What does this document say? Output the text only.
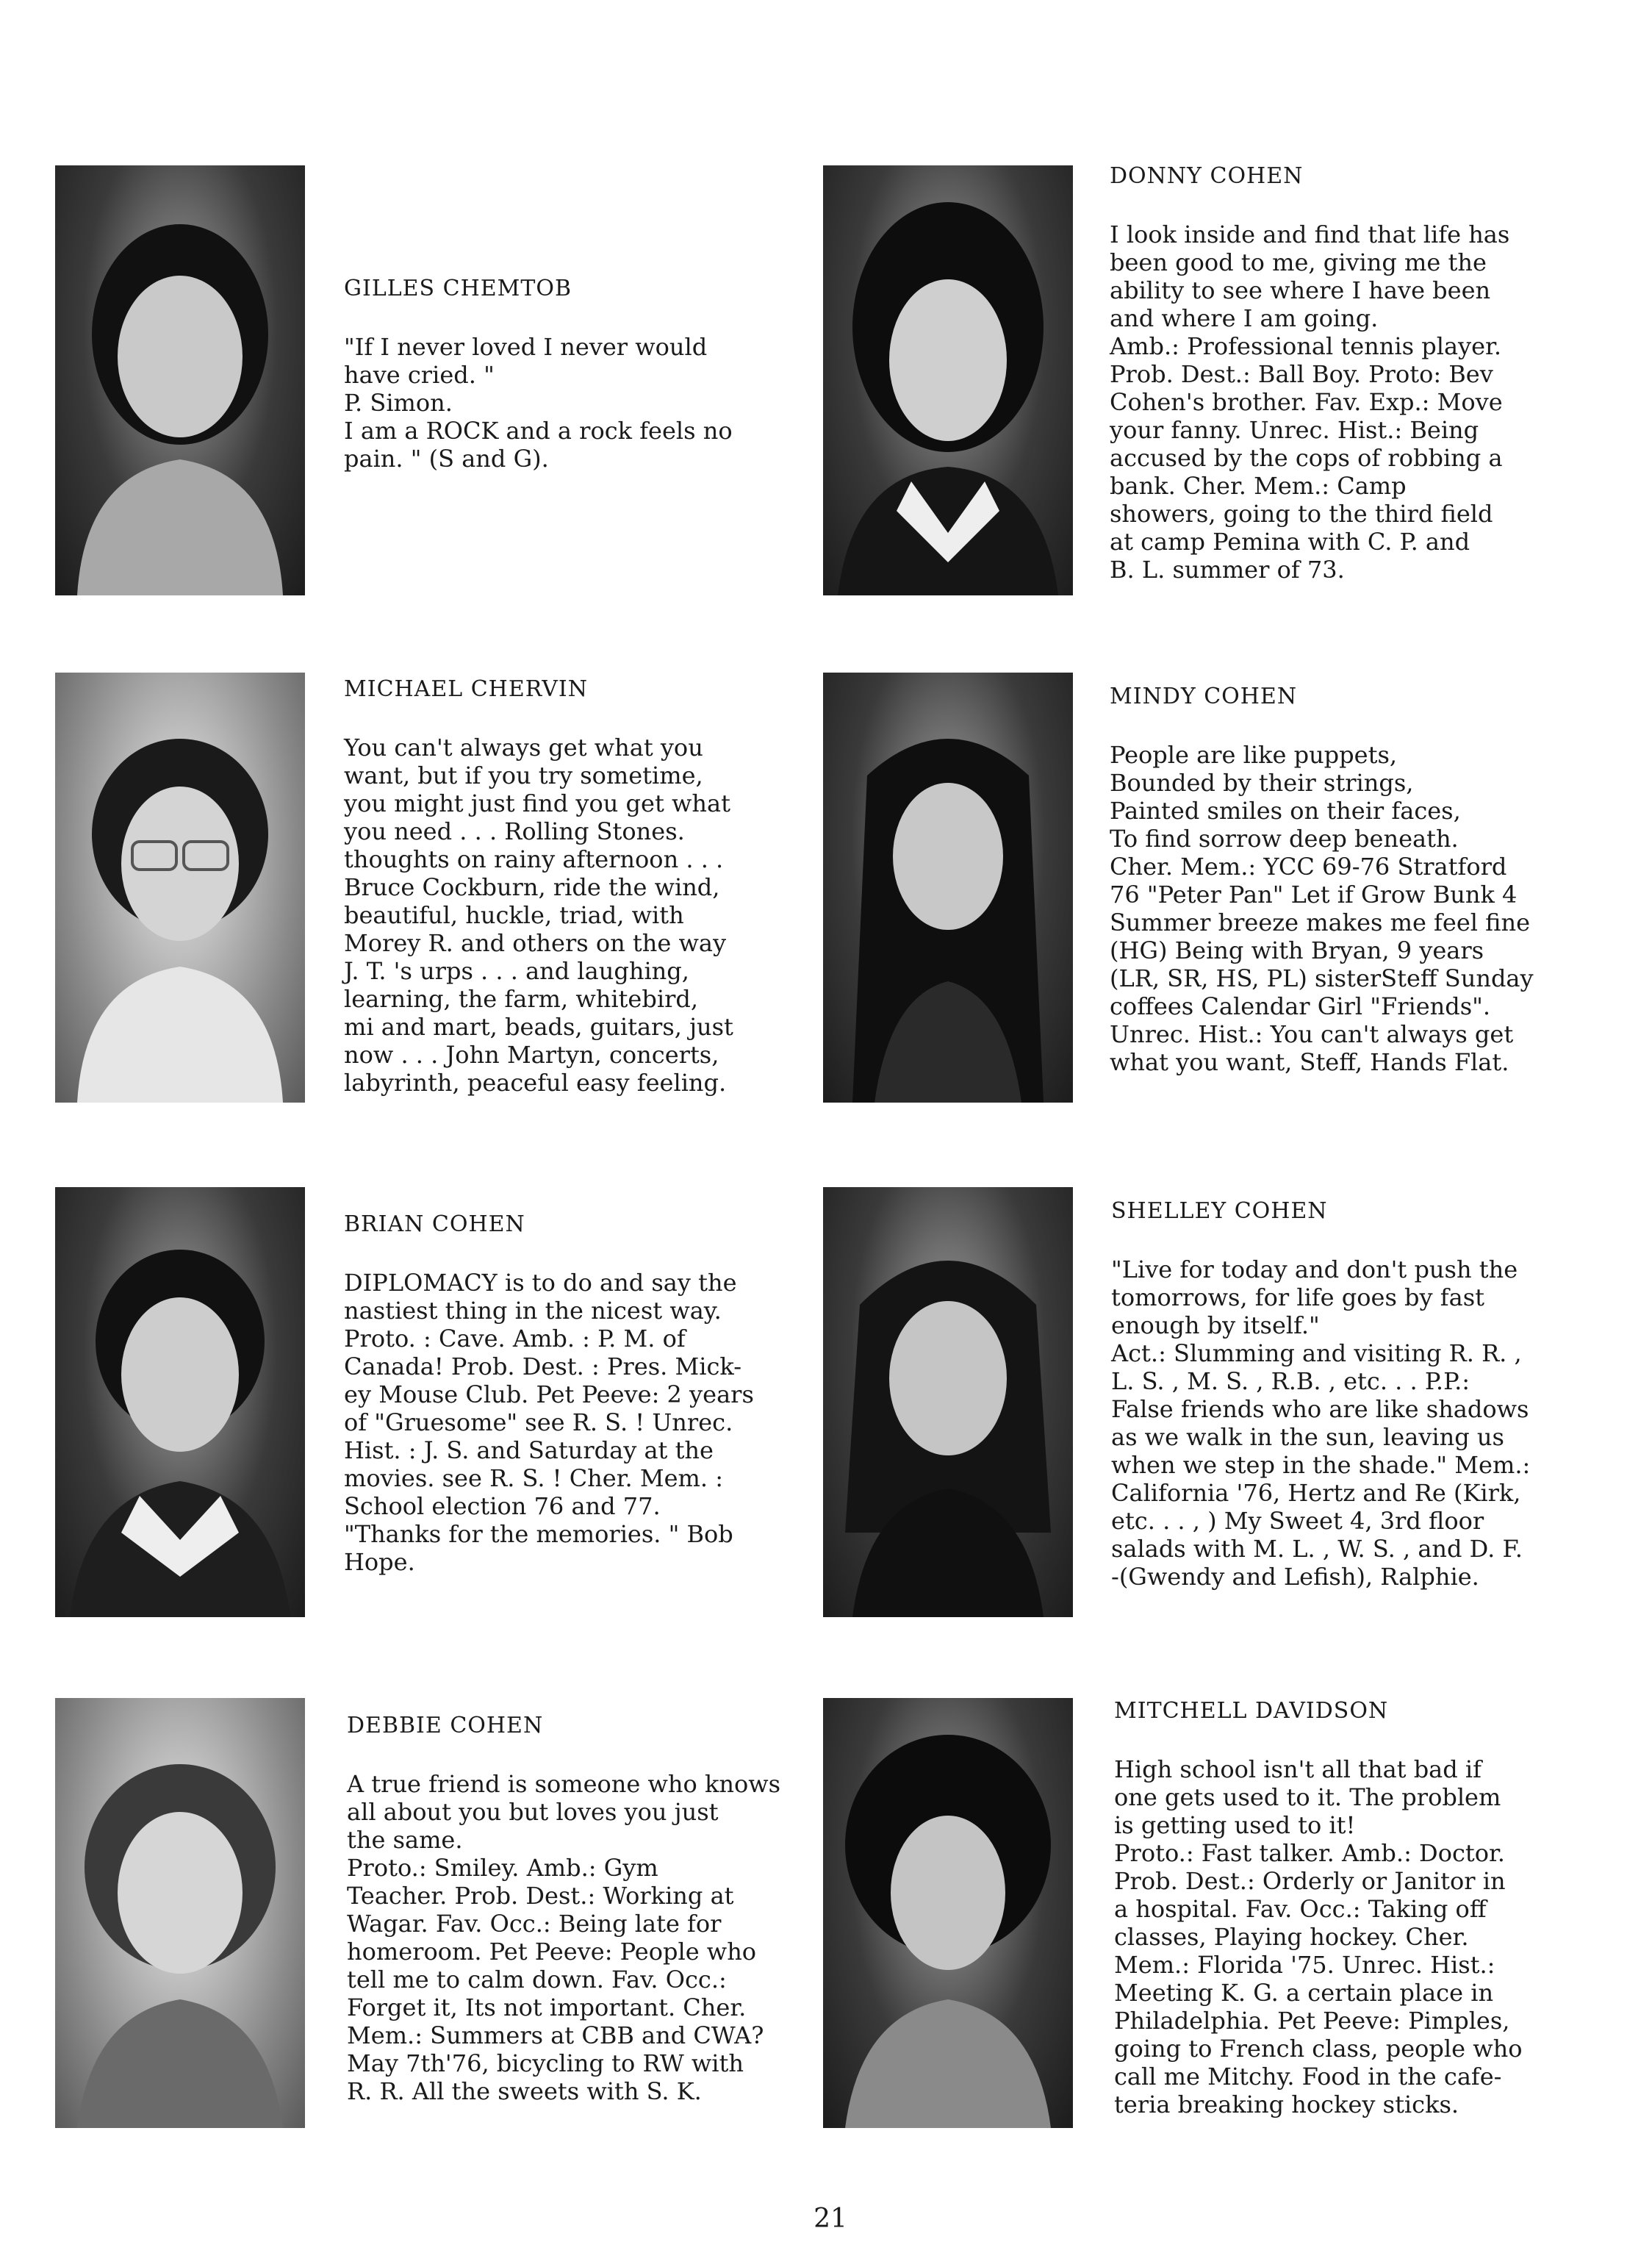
GILLES CHEMTOB

"If I never loved I never would
have cried. "
P. Simon.
I am a ROCK and a rock feels no
pain. " (S and G).

DONNY COHEN

I look inside and find that life has
been good to me, giving me the
ability to see where I have been
and where I am going.
Amb.: Professional tennis player.
Prob. Dest.: Ball Boy. Proto: Bev
Cohen's brother. Fav. Exp.: Move
your fanny. Unrec. Hist.: Being
accused by the cops of robbing a
bank. Cher. Mem.: Camp
showers, going to the third field
at camp Pemina with C. P. and
B. L. summer of 73.

MICHAEL CHERVIN

You can't always get what you
want, but if you try sometime,
you might just find you get what
you need . . . Rolling Stones.
thoughts on rainy afternoon . . .
Bruce Cockburn, ride the wind,
beautiful, huckle, triad, with
Morey R. and others on the way
J. T. 's urps . . . and laughing,
learning, the farm, whitebird,
mi and mart, beads, guitars, just
now . . . John Martyn, concerts,
labyrinth, peaceful easy feeling.

MINDY COHEN

People are like puppets,
Bounded by their strings,
Painted smiles on their faces,
To find sorrow deep beneath.
Cher. Mem.: YCC 69-76 Stratford
76 "Peter Pan" Let if Grow Bunk 4
Summer breeze makes me feel fine
(HG) Being with Bryan, 9 years
(LR, SR, HS, PL) sisterSteff Sunday
coffees Calendar Girl "Friends".
Unrec. Hist.: You can't always get
what you want, Steff, Hands Flat.

BRIAN COHEN

DIPLOMACY is to do and say the
nastiest thing in the nicest way.
Proto. : Cave. Amb. : P. M. of
Canada! Prob. Dest. : Pres. Mick-
ey Mouse Club. Pet Peeve: 2 years
of "Gruesome" see R. S. ! Unrec.
Hist. : J. S. and Saturday at the
movies. see R. S. ! Cher. Mem. :
School election 76 and 77.
"Thanks for the memories. " Bob
Hope.

SHELLEY COHEN

"Live for today and don't push the
tomorrows, for life goes by fast
enough by itself."
Act.: Slumming and visiting R. R. ,
L. S. , M. S. , R.B. , etc. . . P.P.:
False friends who are like shadows
as we walk in the sun, leaving us
when we step in the shade." Mem.:
California '76, Hertz and Re (Kirk,
etc. . . , ) My Sweet 4, 3rd floor
salads with M. L. , W. S. , and D. F.
-(Gwendy and Lefish), Ralphie.

DEBBIE COHEN

A true friend is someone who knows
all about you but loves you just
the same.
Proto.: Smiley. Amb.: Gym
Teacher. Prob. Dest.: Working at
Wagar. Fav. Occ.: Being late for
homeroom. Pet Peeve: People who
tell me to calm down. Fav. Occ.:
Forget it, Its not important. Cher.
Mem.: Summers at CBB and CWA?
May 7th'76, bicycling to RW with
R. R. All the sweets with S. K.

MITCHELL DAVIDSON

High school isn't all that bad if
one gets used to it. The problem
is getting used to it!
Proto.: Fast talker. Amb.: Doctor.
Prob. Dest.: Orderly or Janitor in
a hospital. Fav. Occ.: Taking off
classes, Playing hockey. Cher.
Mem.: Florida '75. Unrec. Hist.:
Meeting K. G. a certain place in
Philadelphia. Pet Peeve: Pimples,
going to French class, people who
call me Mitchy. Food in the cafe-
teria breaking hockey sticks.

21
